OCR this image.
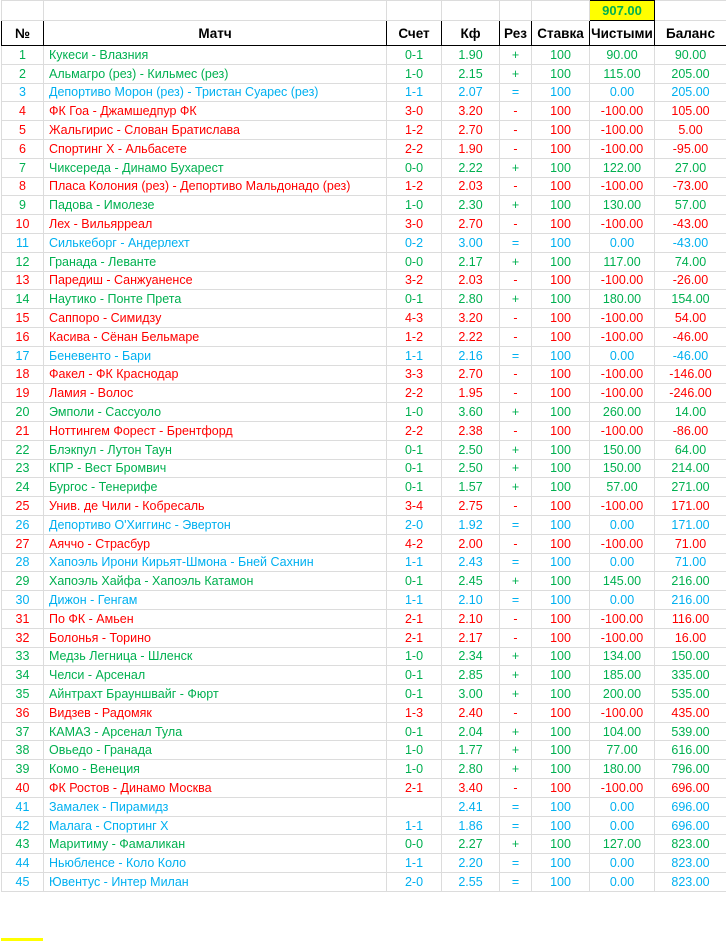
						907.00	
№	Матч	Счет	Кф	Рез	Ставка	Чистыми	Баланс
1	Кукеси - Влазния	0-1	1.90	+	100	90.00	90.00
2	Альмагро (рез) - Кильмес (рез)	1-0	2.15	+	100	115.00	205.00
3	Депортиво Морон (рез) - Тристан Суарес (рез)	1-1	2.07	=	100	0.00	205.00
4	ФК Гоа - Джамшедпур ФК	3-0	3.20	-	100	-100.00	105.00
5	Жальгирис - Слован Братислава	1-2	2.70	-	100	-100.00	5.00
6	Спортинг Х - Альбасете	2-2	1.90	-	100	-100.00	-95.00
7	Чиксереда - Динамо Бухарест	0-0	2.22	+	100	122.00	27.00
8	Пласа Колония (рез) - Депортиво Мальдонадо (рез)	1-2	2.03	-	100	-100.00	-73.00
9	Падова - Имолезе	1-0	2.30	+	100	130.00	57.00
10	Лех - Вильярреал	3-0	2.70	-	100	-100.00	-43.00
11	Силькеборг - Андерлехт	0-2	3.00	=	100	0.00	-43.00
12	Гранада - Леванте	0-0	2.17	+	100	117.00	74.00
13	Паредиш - Санжуаненсе	3-2	2.03	-	100	-100.00	-26.00
14	Наутико - Понте Прета	0-1	2.80	+	100	180.00	154.00
15	Саппоро - Симидзу	4-3	3.20	-	100	-100.00	54.00
16	Касива - Сёнан Бельмаре	1-2	2.22	-	100	-100.00	-46.00
17	Беневенто - Бари	1-1	2.16	=	100	0.00	-46.00
18	Факел - ФК Краснодар	3-3	2.70	-	100	-100.00	-146.00
19	Ламия - Волос	2-2	1.95	-	100	-100.00	-246.00
20	Эмполи - Сассуоло	1-0	3.60	+	100	260.00	14.00
21	Ноттингем Форест - Брентфорд	2-2	2.38	-	100	-100.00	-86.00
22	Блэкпул - Лутон Таун	0-1	2.50	+	100	150.00	64.00
23	КПР - Вест Бромвич	0-1	2.50	+	100	150.00	214.00
24	Бургос - Тенерифе	0-1	1.57	+	100	57.00	271.00
25	Унив. де Чили - Кобресаль	3-4	2.75	-	100	-100.00	171.00
26	Депортиво О'Хиггинс - Эвертон	2-0	1.92	=	100	0.00	171.00
27	Аяччо - Страсбур	4-2	2.00	-	100	-100.00	71.00
28	Хапоэль Ирони Кирьят-Шмона - Бней Сахнин	1-1	2.43	=	100	0.00	71.00
29	Хапоэль Хайфа - Хапоэль Катамон	0-1	2.45	+	100	145.00	216.00
30	Дижон - Генгам	1-1	2.10	=	100	0.00	216.00
31	По ФК - Амьен	2-1	2.10	-	100	-100.00	116.00
32	Болонья - Торино	2-1	2.17	-	100	-100.00	16.00
33	Медзь Легница - Шленск	1-0	2.34	+	100	134.00	150.00
34	Челси - Арсенал	0-1	2.85	+	100	185.00	335.00
35	Айнтрахт Брауншвайг - Фюрт	0-1	3.00	+	100	200.00	535.00
36	Видзев - Радомяк	1-3	2.40	-	100	-100.00	435.00
37	КАМАЗ - Арсенал Тула	0-1	2.04	+	100	104.00	539.00
38	Овьедо - Гранада	1-0	1.77	+	100	77.00	616.00
39	Комо - Венеция	1-0	2.80	+	100	180.00	796.00
40	ФК Ростов - Динамо Москва	2-1	3.40	-	100	-100.00	696.00
41	Замалек - Пирамидз		2.41	=	100	0.00	696.00
42	Малага - Спортинг Х	1-1	1.86	=	100	0.00	696.00
43	Маритиму - Фамаликан	0-0	2.27	+	100	127.00	823.00
44	Ньюбленсе - Коло Коло	1-1	2.20	=	100	0.00	823.00
45	Ювентус - Интер Милан	2-0	2.55	=	100	0.00	823.00
